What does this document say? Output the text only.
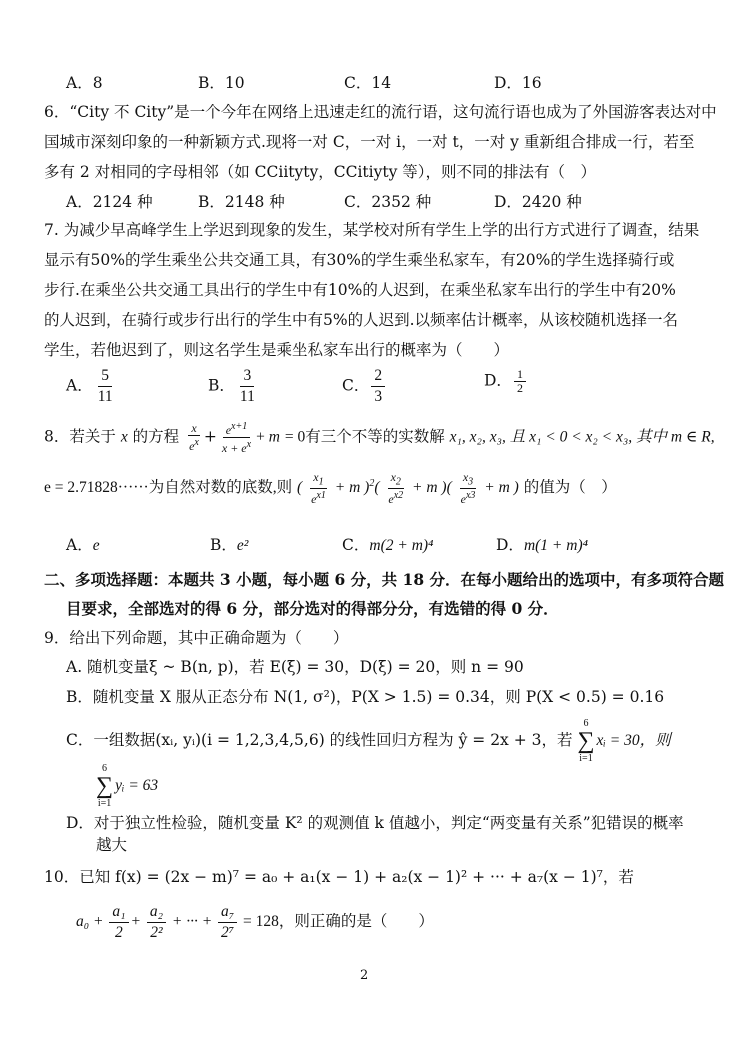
A．8	B．10	C．14	D．16
6．“City 不 City”是一个今年在网络上迅速走红的流行语，这句流行语也成为了外国游客表达对中
国城市深刻印象的一种新颖方式.现将一对 C，一对 i，一对 t，一对 y 重新组合排成一行，若至
多有 2 对相同的字母相邻（如 CCiityty，CCitiyty 等），则不同的排法有（　）
A．2124 种	B．2148 种	C．2352 种	D．2420 种
7. 为减少早高峰学生上学迟到现象的发生，某学校对所有学生上学的出行方式进行了调查，结果
显示有50%的学生乘坐公共交通工具，有30%的学生乘坐私家车，有20%的学生选择骑行或
步行.在乘坐公共交通工具出行的学生中有10%的人迟到，在乘坐私家车出行的学生中有20%
的人迟到，在骑行或步行出行的学生中有5%的人迟到.以频率估计概率，从该校随机选择一名
学生，若他迟到了，则这名学生是乘坐私家车出行的概率为（　　）
A． $\frac{5}{11}$	B． $\frac{3}{11}$	C． $\frac{2}{3}$	D． $\frac{1}{2}$
8．若关于 x 的方程 $\frac{x}{e^x} + \frac{e^{x+1}}{x + e^x} + m = 0$有三个不等的实数解 x₁, x₂, x₃, 且 x₁ < 0 < x₂ < x₃, 其中 m ∈ R,
e = 2.71828······为自然对数的底数,则 ( $\frac{x_1}{e^{x1}} + m$ )$^2( \frac{x_2}{e^{x2}} + m$ )( $\frac{x_3}{e^{x3}} + m$ ) 的值为（　）
A．e	B．e²	C．m(2 + m)⁴	D．m(1 + m)⁴
二、多项选择题：本题共 3 小题，每小题 6 分，共 18 分．在每小题给出的选项中，有多项符合题
目要求，全部选对的得 6 分，部分选对的得部分分，有选错的得 0 分．
9．给出下列命题，其中正确命题为（　　）
A. 随机变量ξ ~ B(n, p)，若 E(ξ) = 30，D(ξ) = 20，则 n = 90
B．随机变量 X 服从正态分布 N(1, σ²)，P(X > 1.5) = 0.34，则 P(X < 0.5) = 0.16
C．一组数据(xᵢ, yᵢ)(i = 1,2,3,4,5,6) 的线性回归方程为 ŷ = 2x + 3，若
6
∑
i=1
xᵢ = 30，则
6
∑
i=1
yᵢ = 63
D．对于独立性检验，随机变量 K² 的观测值 k 值越小，判定“两变量有关系”犯错误的概率
越大
10．已知 f(x) = (2x − m)⁷ = a₀ + a₁(x − 1) + a₂(x − 1)² + ··· + a₇(x − 1)⁷，若
$a_0 + \frac{\text{a₁}}{2} + \frac{\text{a₂}}{\text{2²}}$ + ··· + $\frac{\text{a₇}}{\text{2⁷}} = 128$，则正确的是（　　）
2
